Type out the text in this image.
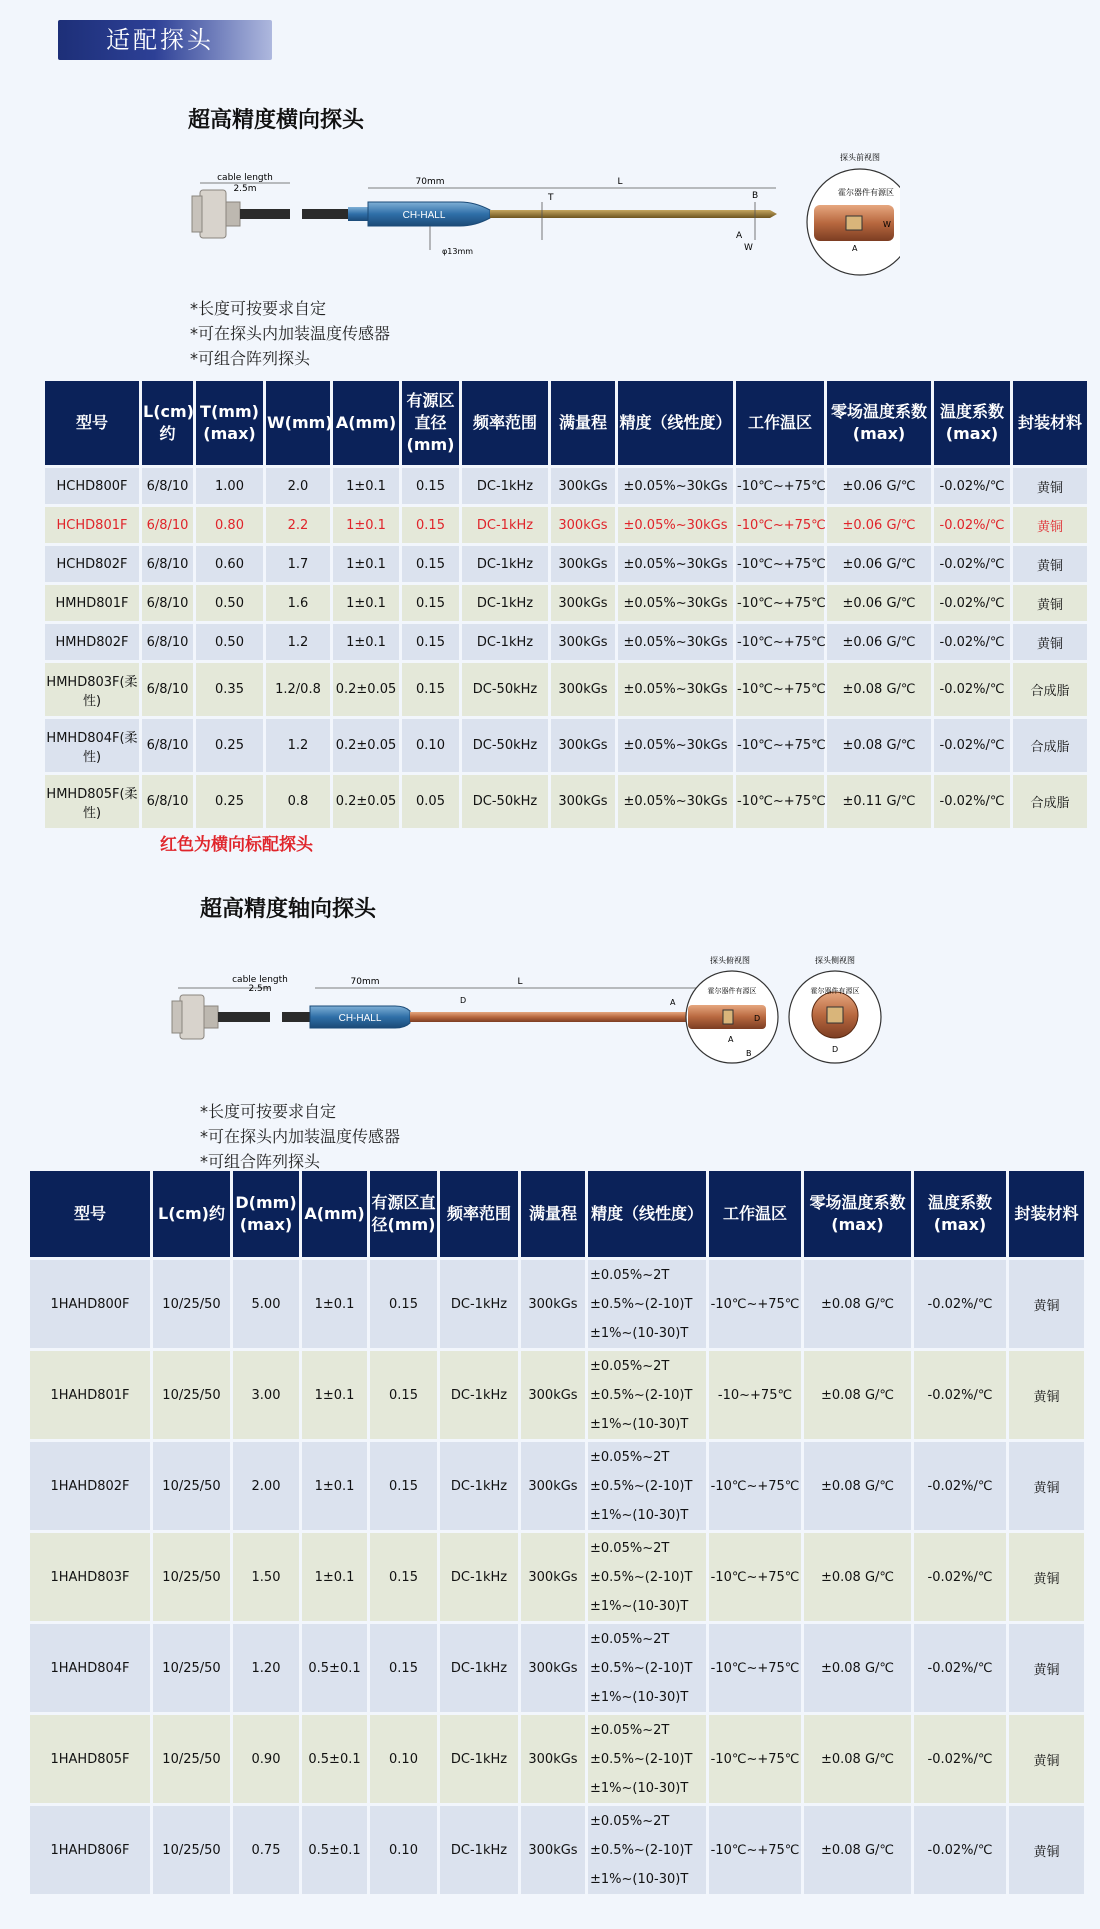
适配探头
超高精度横向探头
CH-HALL
cable length
2.5m
70mm	L
φ13mm
T	B
A
W
探头前视图
霍尔器件有源区
W
A
*长度可按要求自定
*可在探头内加装温度传感器
*可组合阵列探头
型号	L(cm)约	T(mm)(max)	W(mm)	A(mm)	有源区直径(mm)	频率范围	满量程	精度（线性度）	工作温区	零场温度系数(max)	温度系数(max)	封装材料
HCHD800F	6/8/10	1.00	2.0	1±0.1	0.15	DC-1kHz	300kGs	±0.05%~30kGs	-10℃~+75℃	±0.06 G/℃	-0.02%/℃	黄铜
HCHD801F	6/8/10	0.80	2.2	1±0.1	0.15	DC-1kHz	300kGs	±0.05%~30kGs	-10℃~+75℃	±0.06 G/℃	-0.02%/℃	黄铜
HCHD802F	6/8/10	0.60	1.7	1±0.1	0.15	DC-1kHz	300kGs	±0.05%~30kGs	-10℃~+75℃	±0.06 G/℃	-0.02%/℃	黄铜
HMHD801F	6/8/10	0.50	1.6	1±0.1	0.15	DC-1kHz	300kGs	±0.05%~30kGs	-10℃~+75℃	±0.06 G/℃	-0.02%/℃	黄铜
HMHD802F	6/8/10	0.50	1.2	1±0.1	0.15	DC-1kHz	300kGs	±0.05%~30kGs	-10℃~+75℃	±0.06 G/℃	-0.02%/℃	黄铜
HMHD803F(柔性)	6/8/10	0.35	1.2/0.8	0.2±0.05	0.15	DC-50kHz	300kGs	±0.05%~30kGs	-10℃~+75℃	±0.08 G/℃	-0.02%/℃	合成脂
HMHD804F(柔性)	6/8/10	0.25	1.2	0.2±0.05	0.10	DC-50kHz	300kGs	±0.05%~30kGs	-10℃~+75℃	±0.08 G/℃	-0.02%/℃	合成脂
HMHD805F(柔性)	6/8/10	0.25	0.8	0.2±0.05	0.05	DC-50kHz	300kGs	±0.05%~30kGs	-10℃~+75℃	±0.11 G/℃	-0.02%/℃	合成脂
红色为横向标配探头
超高精度轴向探头
CH-HALL
cable length
2.5m
70mm	L
D	A
探头俯视图
霍尔器件有源区
D
A
B
探头侧视图
霍尔器件有源区
D
*长度可按要求自定
*可在探头内加装温度传感器
*可组合阵列探头
型号	L(cm)约	D(mm)(max)	A(mm)	有源区直径(mm)	频率范围	满量程	精度（线性度）	工作温区	零场温度系数(max)	温度系数(max)	封装材料
1HAHD800F	10/25/50	5.00	1±0.1	0.15	DC-1kHz	300kGs	±0.05%~2T
±0.5%~(2-10)T
±1%~(10-30)T	-10℃~+75℃	±0.08 G/℃	-0.02%/℃	黄铜
1HAHD801F	10/25/50	3.00	1±0.1	0.15	DC-1kHz	300kGs	±0.05%~2T
±0.5%~(2-10)T
±1%~(10-30)T	-10~+75℃	±0.08 G/℃	-0.02%/℃	黄铜
1HAHD802F	10/25/50	2.00	1±0.1	0.15	DC-1kHz	300kGs	±0.05%~2T
±0.5%~(2-10)T
±1%~(10-30)T	-10℃~+75℃	±0.08 G/℃	-0.02%/℃	黄铜
1HAHD803F	10/25/50	1.50	1±0.1	0.15	DC-1kHz	300kGs	±0.05%~2T
±0.5%~(2-10)T
±1%~(10-30)T	-10℃~+75℃	±0.08 G/℃	-0.02%/℃	黄铜
1HAHD804F	10/25/50	1.20	0.5±0.1	0.15	DC-1kHz	300kGs	±0.05%~2T
±0.5%~(2-10)T
±1%~(10-30)T	-10℃~+75℃	±0.08 G/℃	-0.02%/℃	黄铜
1HAHD805F	10/25/50	0.90	0.5±0.1	0.10	DC-1kHz	300kGs	±0.05%~2T
±0.5%~(2-10)T
±1%~(10-30)T	-10℃~+75℃	±0.08 G/℃	-0.02%/℃	黄铜
1HAHD806F	10/25/50	0.75	0.5±0.1	0.10	DC-1kHz	300kGs	±0.05%~2T
±0.5%~(2-10)T
±1%~(10-30)T	-10℃~+75℃	±0.08 G/℃	-0.02%/℃	黄铜
